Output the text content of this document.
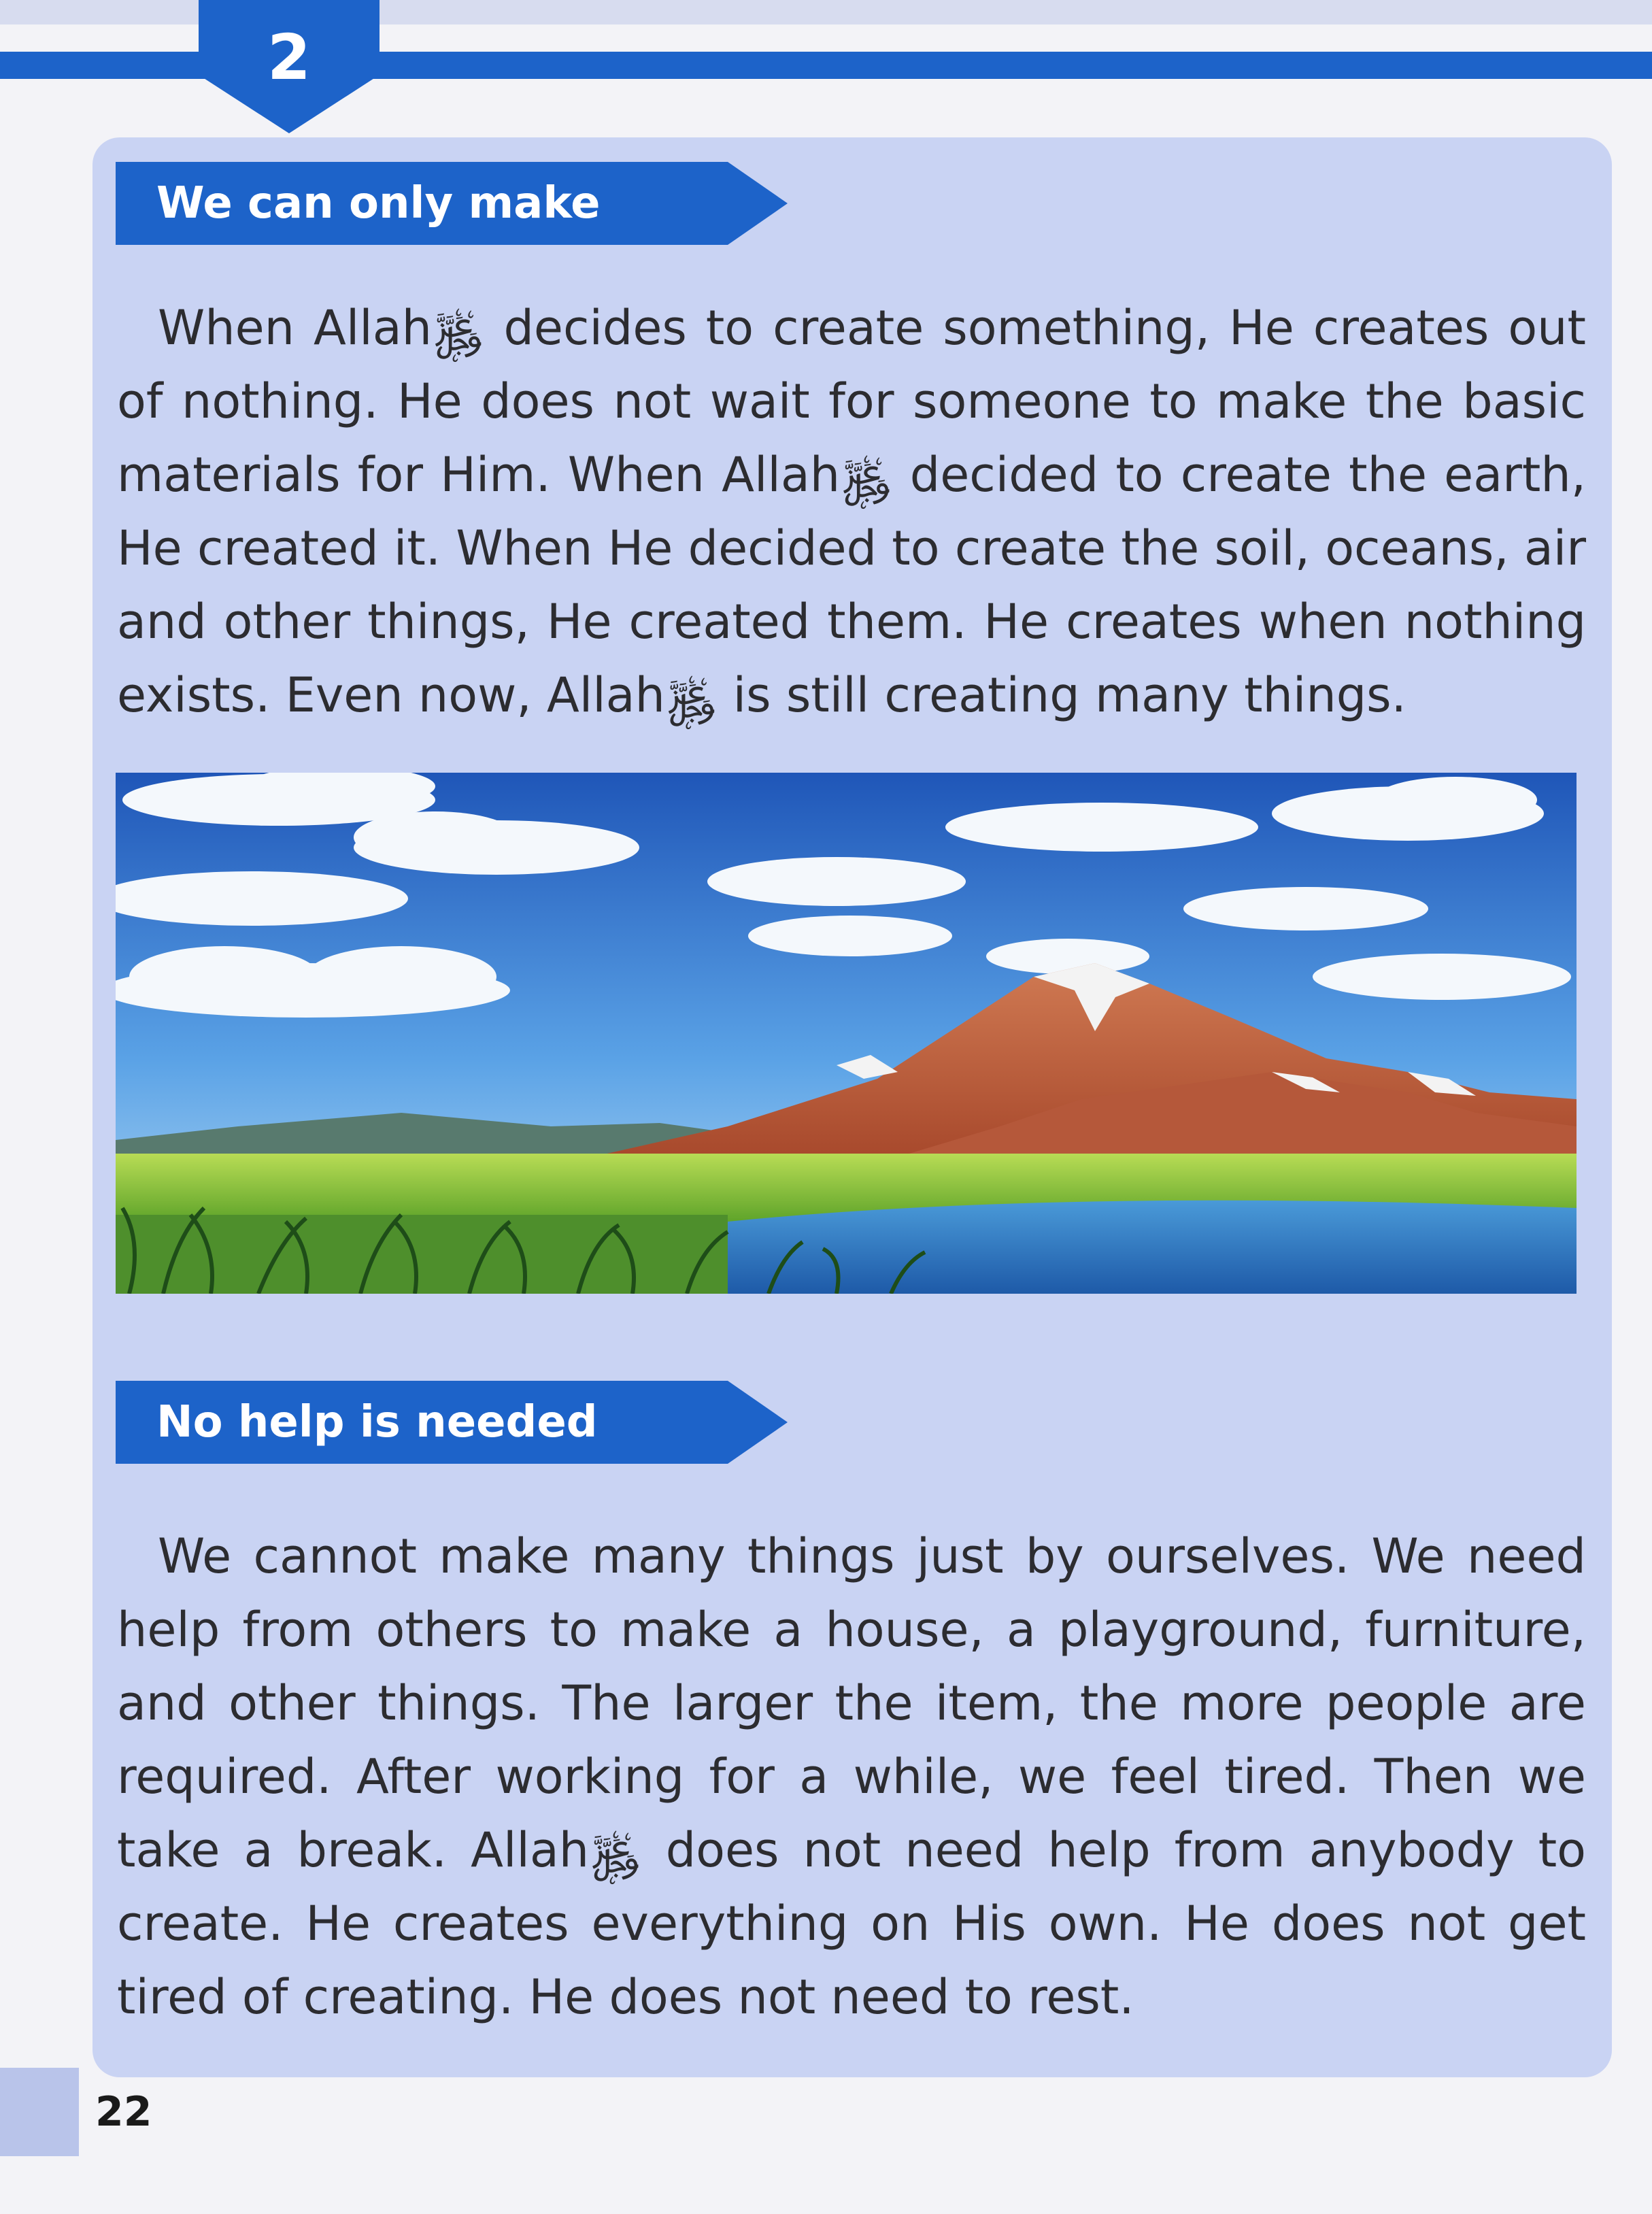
2
We can only make

When Allah﷿ decides to create something, He creates out of nothing. He does not wait for someone to make the basic materials for Him. When Allah﷿ decided to create the earth, He created it. When He decided to create the soil, oceans, air and other things, He created them. He creates when nothing exists. Even now, Allah﷿ is still creating many things.

No help is needed

We cannot make many things just by ourselves. We need help from others to make a house, a playground, furniture, and other things. The larger the item, the more people are required. After working for a while, we feel tired. Then we take a break. Allah﷿ does not need help from anybody to create. He creates everything on His own. He does not get tired of creating. He does not need to rest.

22
